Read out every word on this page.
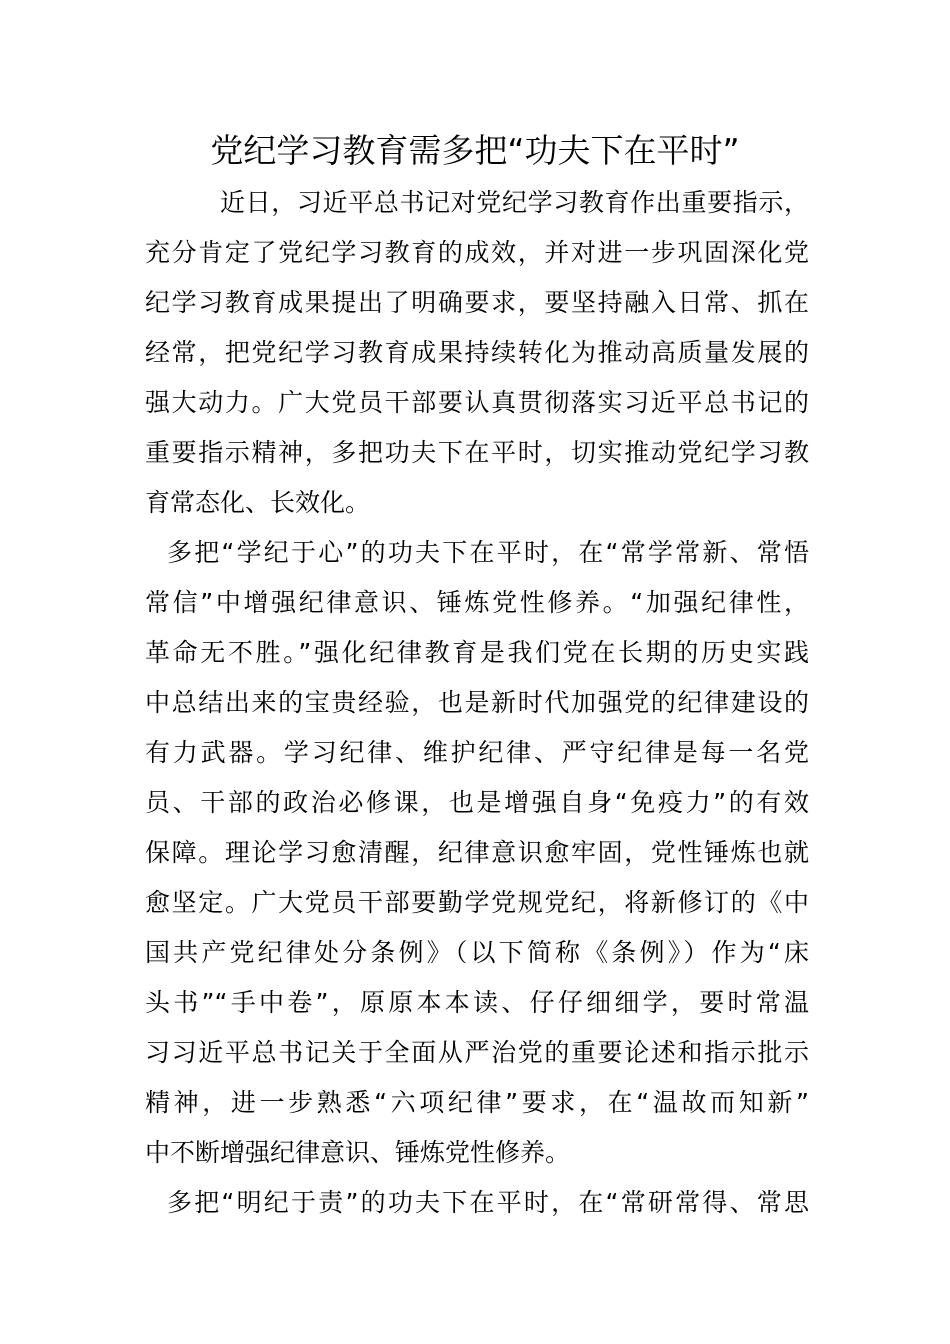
党纪学习教育需多把“功夫下在平时”
近日，习近平总书记对党纪学习教育作出重要指示，
充分肯定了党纪学习教育的成效，并对进一步巩固深化党
纪学习教育成果提出了明确要求，要坚持融入日常、抓在
经常，把党纪学习教育成果持续转化为推动高质量发展的
强大动力。广大党员干部要认真贯彻落实习近平总书记的
重要指示精神，多把功夫下在平时，切实推动党纪学习教
育常态化、长效化。
多把“学纪于心”的功夫下在平时，在“常学常新、常悟
常信”中增强纪律意识、锤炼党性修养。“加强纪律性，
革命无不胜。”强化纪律教育是我们党在长期的历史实践
中总结出来的宝贵经验，也是新时代加强党的纪律建设的
有力武器。学习纪律、维护纪律、严守纪律是每一名党
员、干部的政治必修课，也是增强自身“免疫力”的有效
保障。理论学习愈清醒，纪律意识愈牢固，党性锤炼也就
愈坚定。广大党员干部要勤学党规党纪，将新修订的《中
国共产党纪律处分条例》（以下简称《条例》）作为“床
头书”“手中卷”，原原本本读、仔仔细细学，要时常温
习习近平总书记关于全面从严治党的重要论述和指示批示
精神，进一步熟悉“六项纪律”要求，在“温故而知新”
中不断增强纪律意识、锤炼党性修养。
多把“明纪于责”的功夫下在平时，在“常研常得、常思
